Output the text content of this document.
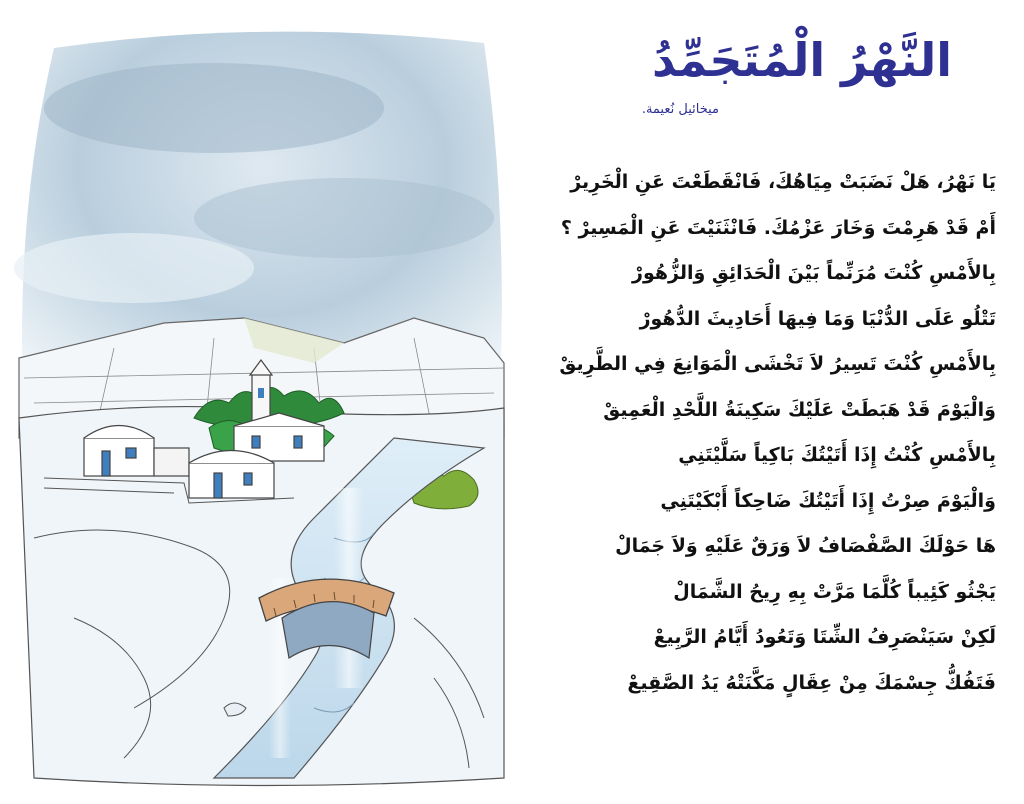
النَّهْرُ الْمُتَجَمِّدُ

ميخائيل نُعيمة.

يَا نَهْرُ، هَلْ نَضَبَتْ مِيَاهُكَ، فَانْقَطَعْتَ عَنِ الْخَرِيرْ
أَمْ قَدْ هَرِمْتَ وَخَارَ عَزْمُكَ. فَانْثَنَيْتَ عَنِ الْمَسِيرْ ؟
بِالأَمْسِ كُنْتَ مُرَنِّماً بَيْنَ الْحَدَائِقِ وَالزُّهُورْ
تَتْلُو عَلَى الدُّنْيَا وَمَا فِيهَا أَحَادِيثَ الدُّهُورْ
بِالأَمْسِ كُنْتَ تَسِيرُ لاَ تَخْشَى الْمَوَانِعَ فِي الطَّرِيقْ
وَالْيَوْمَ قَدْ هَبَطَتْ عَلَيْكَ سَكِينَةُ اللَّحْدِ الْعَمِيقْ
بِالأَمْسِ كُنْتُ إِذَا أَتَيْتُكَ بَاكِياً سَلَّيْتَنِي
وَالْيَوْمَ صِرْتُ إِذَا أَتَيْتُكَ ضَاحِكاً أَبْكَيْتَنِي
هَا حَوْلَكَ الصَّفْصَافُ لاَ وَرَقٌ عَلَيْهِ وَلاَ جَمَالْ
يَجْثُو كَئِيباً كُلَّمَا مَرَّتْ بِهِ رِيحُ الشَّمَالْ
لَكِنْ سَيَنْصَرِفُ الشِّتَا وَتَعُودُ أَيَّامُ الرَّبِيعْ
فَتَفُكُّ جِسْمَكَ مِنْ عِقَالٍ مَكَّنَتْهُ يَدُ الصَّقِيعْ
